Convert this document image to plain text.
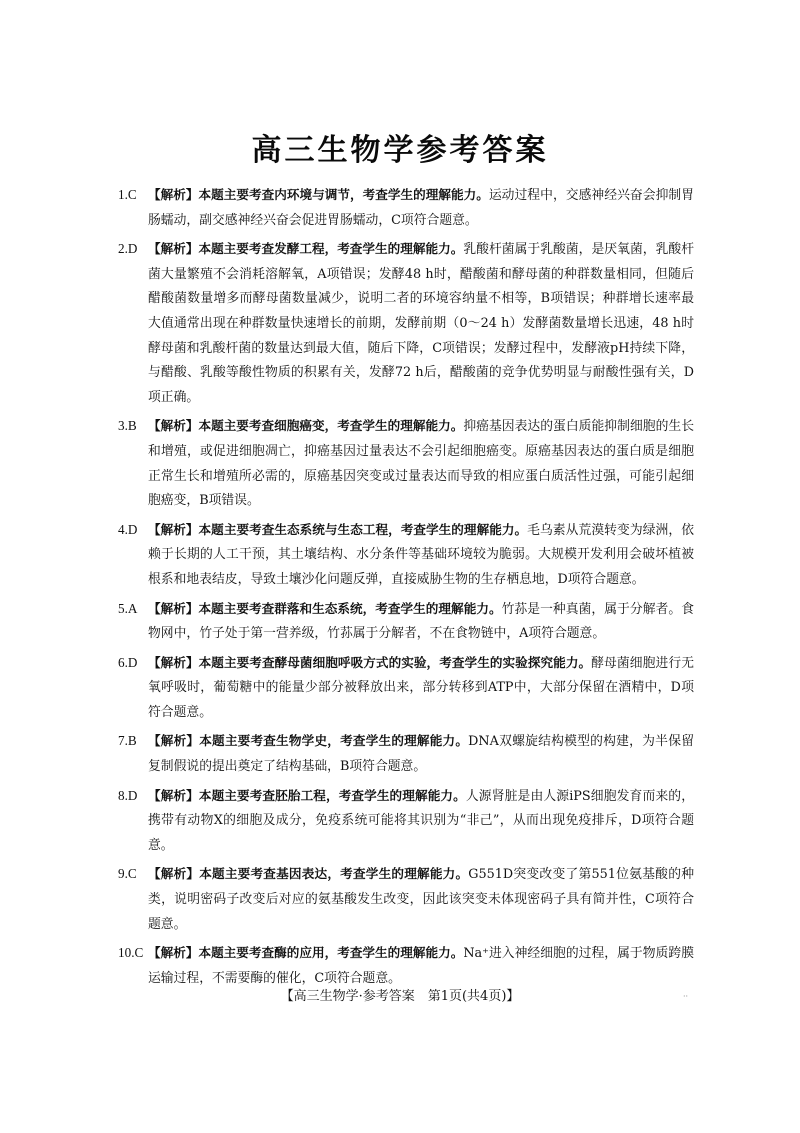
高三生物学参考答案
1.C 【解析】本题主要考查内环境与调节，考查学生的理解能力。运动过程中，交感神经兴奋会抑制胃肠蠕动，副交感神经兴奋会促进胃肠蠕动，C项符合题意。
2.D 【解析】本题主要考查发酵工程，考查学生的理解能力。乳酸杆菌属于乳酸菌，是厌氧菌，乳酸杆菌大量繁殖不会消耗溶解氧，A项错误；发酵48 h时，醋酸菌和酵母菌的种群数量相同，但随后醋酸菌数量增多而酵母菌数量减少，说明二者的环境容纳量不相等，B项错误；种群增长速率最大值通常出现在种群数量快速增长的前期，发酵前期（0～24 h）发酵菌数量增长迅速，48 h时酵母菌和乳酸杆菌的数量达到最大值，随后下降，C项错误；发酵过程中，发酵液pH持续下降，与醋酸、乳酸等酸性物质的积累有关，发酵72 h后，醋酸菌的竞争优势明显与耐酸性强有关，D项正确。
3.B 【解析】本题主要考查细胞癌变，考查学生的理解能力。抑癌基因表达的蛋白质能抑制细胞的生长和增殖，或促进细胞凋亡，抑癌基因过量表达不会引起细胞癌变。原癌基因表达的蛋白质是细胞正常生长和增殖所必需的，原癌基因突变或过量表达而导致的相应蛋白质活性过强，可能引起细胞癌变，B项错误。
4.D 【解析】本题主要考查生态系统与生态工程，考查学生的理解能力。毛乌素从荒漠转变为绿洲，依赖于长期的人工干预，其土壤结构、水分条件等基础环境较为脆弱。大规模开发利用会破坏植被根系和地表结皮，导致土壤沙化问题反弹，直接威胁生物的生存栖息地，D项符合题意。
5.A 【解析】本题主要考查群落和生态系统，考查学生的理解能力。竹荪是一种真菌，属于分解者。食物网中，竹子处于第一营养级，竹荪属于分解者，不在食物链中，A项符合题意。
6.D 【解析】本题主要考查酵母菌细胞呼吸方式的实验，考查学生的实验探究能力。酵母菌细胞进行无氧呼吸时，葡萄糖中的能量少部分被释放出来，部分转移到ATP中，大部分保留在酒精中，D项符合题意。
7.B 【解析】本题主要考查生物学史，考查学生的理解能力。DNA双螺旋结构模型的构建，为半保留复制假说的提出奠定了结构基础，B项符合题意。
8.D 【解析】本题主要考查胚胎工程，考查学生的理解能力。人源肾脏是由人源iPS细胞发育而来的，携带有动物X的细胞及成分，免疫系统可能将其识别为“非己”，从而出现免疫排斥，D项符合题意。
9.C 【解析】本题主要考查基因表达，考查学生的理解能力。G551D突变改变了第551位氨基酸的种类，说明密码子改变后对应的氨基酸发生改变，因此该突变未体现密码子具有简并性，C项符合题意。
10.C 【解析】本题主要考查酶的应用，考查学生的理解能力。Na⁺进入神经细胞的过程，属于物质跨膜运输过程，不需要酶的催化，C项符合题意。
【高三生物学·参考答案　第1页(共4页)】	··
